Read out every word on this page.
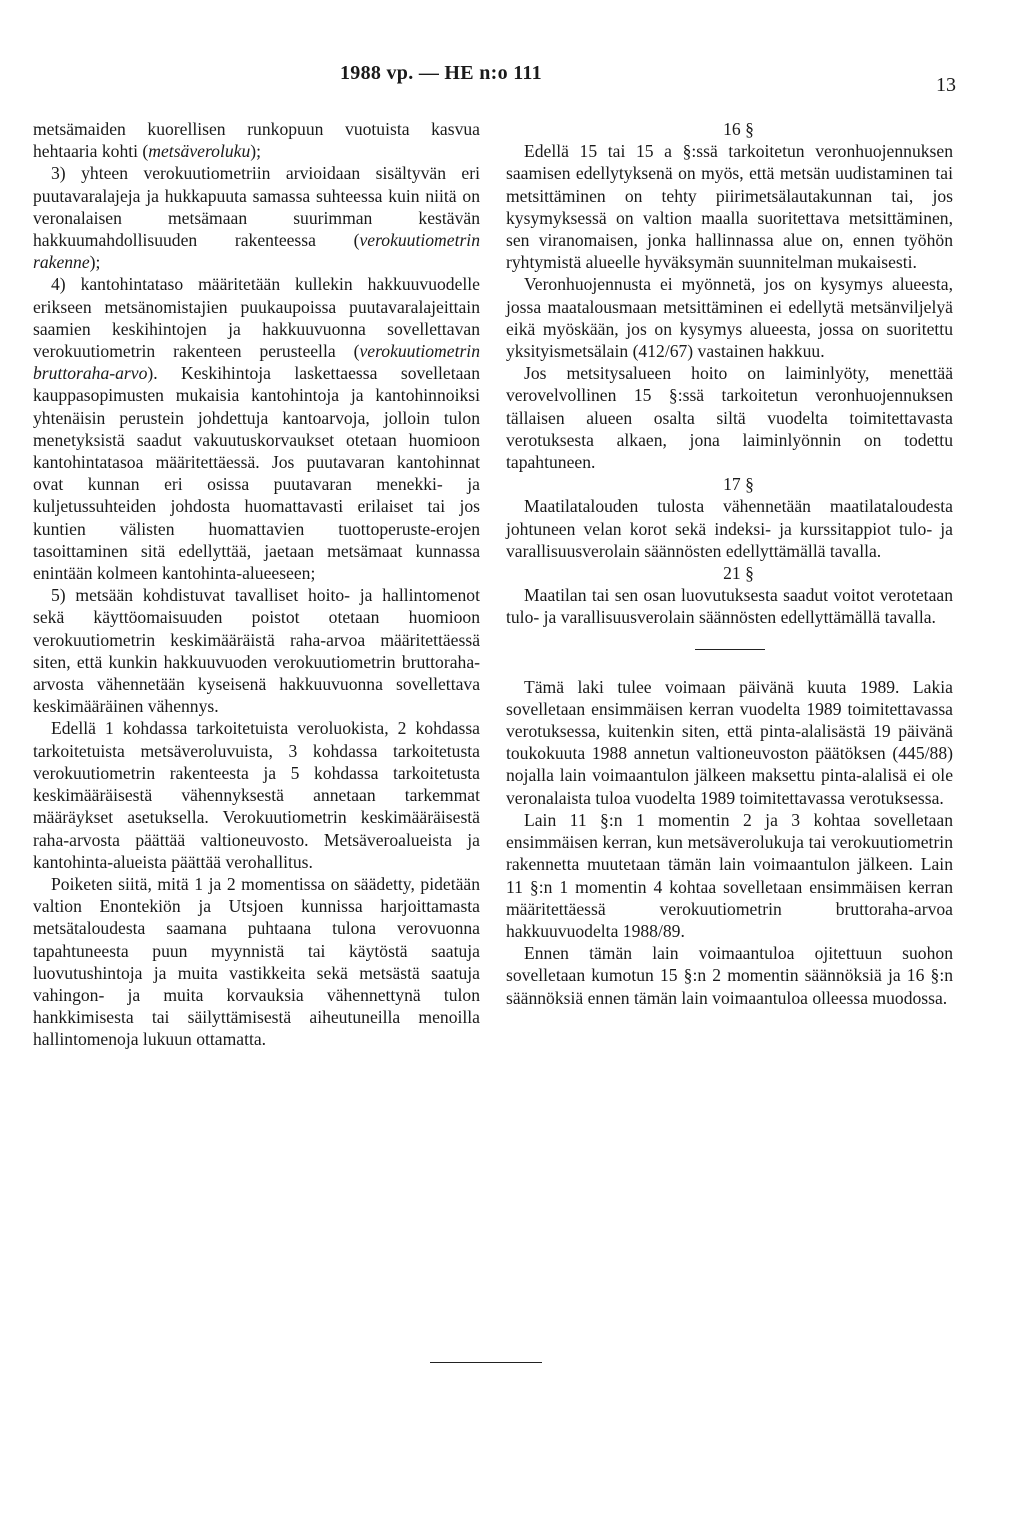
1988 vp. — HE n:o 111
13

metsämaiden kuorellisen runkopuun vuotuista kasvua hehtaaria kohti (metsäveroluku);

3) yhteen verokuutiometriin arvioidaan sisältyvän eri puutavaralajeja ja hukkapuuta samassa suhteessa kuin niitä on veronalaisen metsämaan suurimman kestävän hakkuumahdollisuuden rakenteessa (verokuutiometrin rakenne);

4) kantohintataso määritetään kullekin hakkuuvuodelle erikseen metsänomistajien puukaupoissa puutavaralajeittain saamien keskihintojen ja hakkuuvuonna sovellettavan verokuutiometrin rakenteen perusteella (verokuutiometrin bruttoraha-arvo). Keskihintoja laskettaessa sovelletaan kauppasopimusten mukaisia kantohintoja ja kantohinnoiksi yhtenäisin perustein johdettuja kantoarvoja, jolloin tulon menetyksistä saadut vakuutuskorvaukset otetaan huomioon kantohintatasoa määritettäessä. Jos puutavaran kantohinnat ovat kunnan eri osissa puutavaran menekki- ja kuljetussuhteiden johdosta huomattavasti erilaiset tai jos kuntien välisten huomattavien tuottoperuste-erojen tasoittaminen sitä edellyttää, jaetaan metsämaat kunnassa enintään kolmeen kantohinta-alueeseen;

5) metsään kohdistuvat tavalliset hoito- ja hallintomenot sekä käyttöomaisuuden poistot otetaan huomioon verokuutiometrin keskimääräistä raha-arvoa määritettäessä siten, että kunkin hakkuuvuoden verokuutiometrin bruttoraha-arvosta vähennetään kyseisenä hakkuuvuonna sovellettava keskimääräinen vähennys.

Edellä 1 kohdassa tarkoitetuista veroluokista, 2 kohdassa tarkoitetuista metsäveroluvuista, 3 kohdassa tarkoitetusta verokuutiometrin rakenteesta ja 5 kohdassa tarkoitetusta keskimääräisestä vähennyksestä annetaan tarkemmat määräykset asetuksella. Verokuutiometrin keskimääräisestä raha-arvosta päättää valtioneuvosto. Metsäveroalueista ja kantohinta-alueista päättää verohallitus.

Poiketen siitä, mitä 1 ja 2 momentissa on säädetty, pidetään valtion Enontekiön ja Utsjoen kunnissa harjoittamasta metsätaloudesta saamana puhtaana tulona verovuonna tapahtuneesta puun myynnistä tai käytöstä saatuja luovutushintoja ja muita vastikkeita sekä metsästä saatuja vahingon- ja muita korvauksia vähennettynä tulon hankkimisesta tai säilyttämisestä aiheutuneilla menoilla hallintomenoja lukuun ottamatta.

16 §

Edellä 15 tai 15 a §:ssä tarkoitetun veronhuojennuksen saamisen edellytyksenä on myös, että metsän uudistaminen tai metsittäminen on tehty piirimetsälautakunnan tai, jos kysymyksessä on valtion maalla suoritettava metsittäminen, sen viranomaisen, jonka hallinnassa alue on, ennen työhön ryhtymistä alueelle hyväksymän suunnitelman mukaisesti.

Veronhuojennusta ei myönnetä, jos on kysymys alueesta, jossa maatalousmaan metsittäminen ei edellytä metsänviljelyä eikä myöskään, jos on kysymys alueesta, jossa on suoritettu yksityismetsälain (412/67) vastainen hakkuu.

Jos metsitysalueen hoito on laiminlyöty, menettää verovelvollinen 15 §:ssä tarkoitetun veronhuojennuksen tällaisen alueen osalta siltä vuodelta toimitettavasta verotuksesta alkaen, jona laiminlyönnin on todettu tapahtuneen.

17 §

Maatilatalouden tulosta vähennetään maatilataloudesta johtuneen velan korot sekä indeksi- ja kurssitappiot tulo- ja varallisuusverolain säännösten edellyttämällä tavalla.

21 §

Maatilan tai sen osan luovutuksesta saadut voitot verotetaan tulo- ja varallisuusverolain säännösten edellyttämällä tavalla.

Tämä laki tulee voimaan päivänä kuuta 1989. Lakia sovelletaan ensimmäisen kerran vuodelta 1989 toimitettavassa verotuksessa, kuitenkin siten, että pinta-alalisästä 19 päivänä toukokuuta 1988 annetun valtioneuvoston päätöksen (445/88) nojalla lain voimaantulon jälkeen maksettu pinta-alalisä ei ole veronalaista tuloa vuodelta 1989 toimitettavassa verotuksessa.

Lain 11 §:n 1 momentin 2 ja 3 kohtaa sovelletaan ensimmäisen kerran, kun metsäverolukuja tai verokuutiometrin rakennetta muutetaan tämän lain voimaantulon jälkeen. Lain 11 §:n 1 momentin 4 kohtaa sovelletaan ensimmäisen kerran määritettäessä verokuutiometrin bruttoraha-arvoa hakkuuvuodelta 1988/89.

Ennen tämän lain voimaantuloa ojitettuun suohon sovelletaan kumotun 15 §:n 2 momentin säännöksiä ja 16 §:n säännöksiä ennen tämän lain voimaantuloa olleessa muodossa.
